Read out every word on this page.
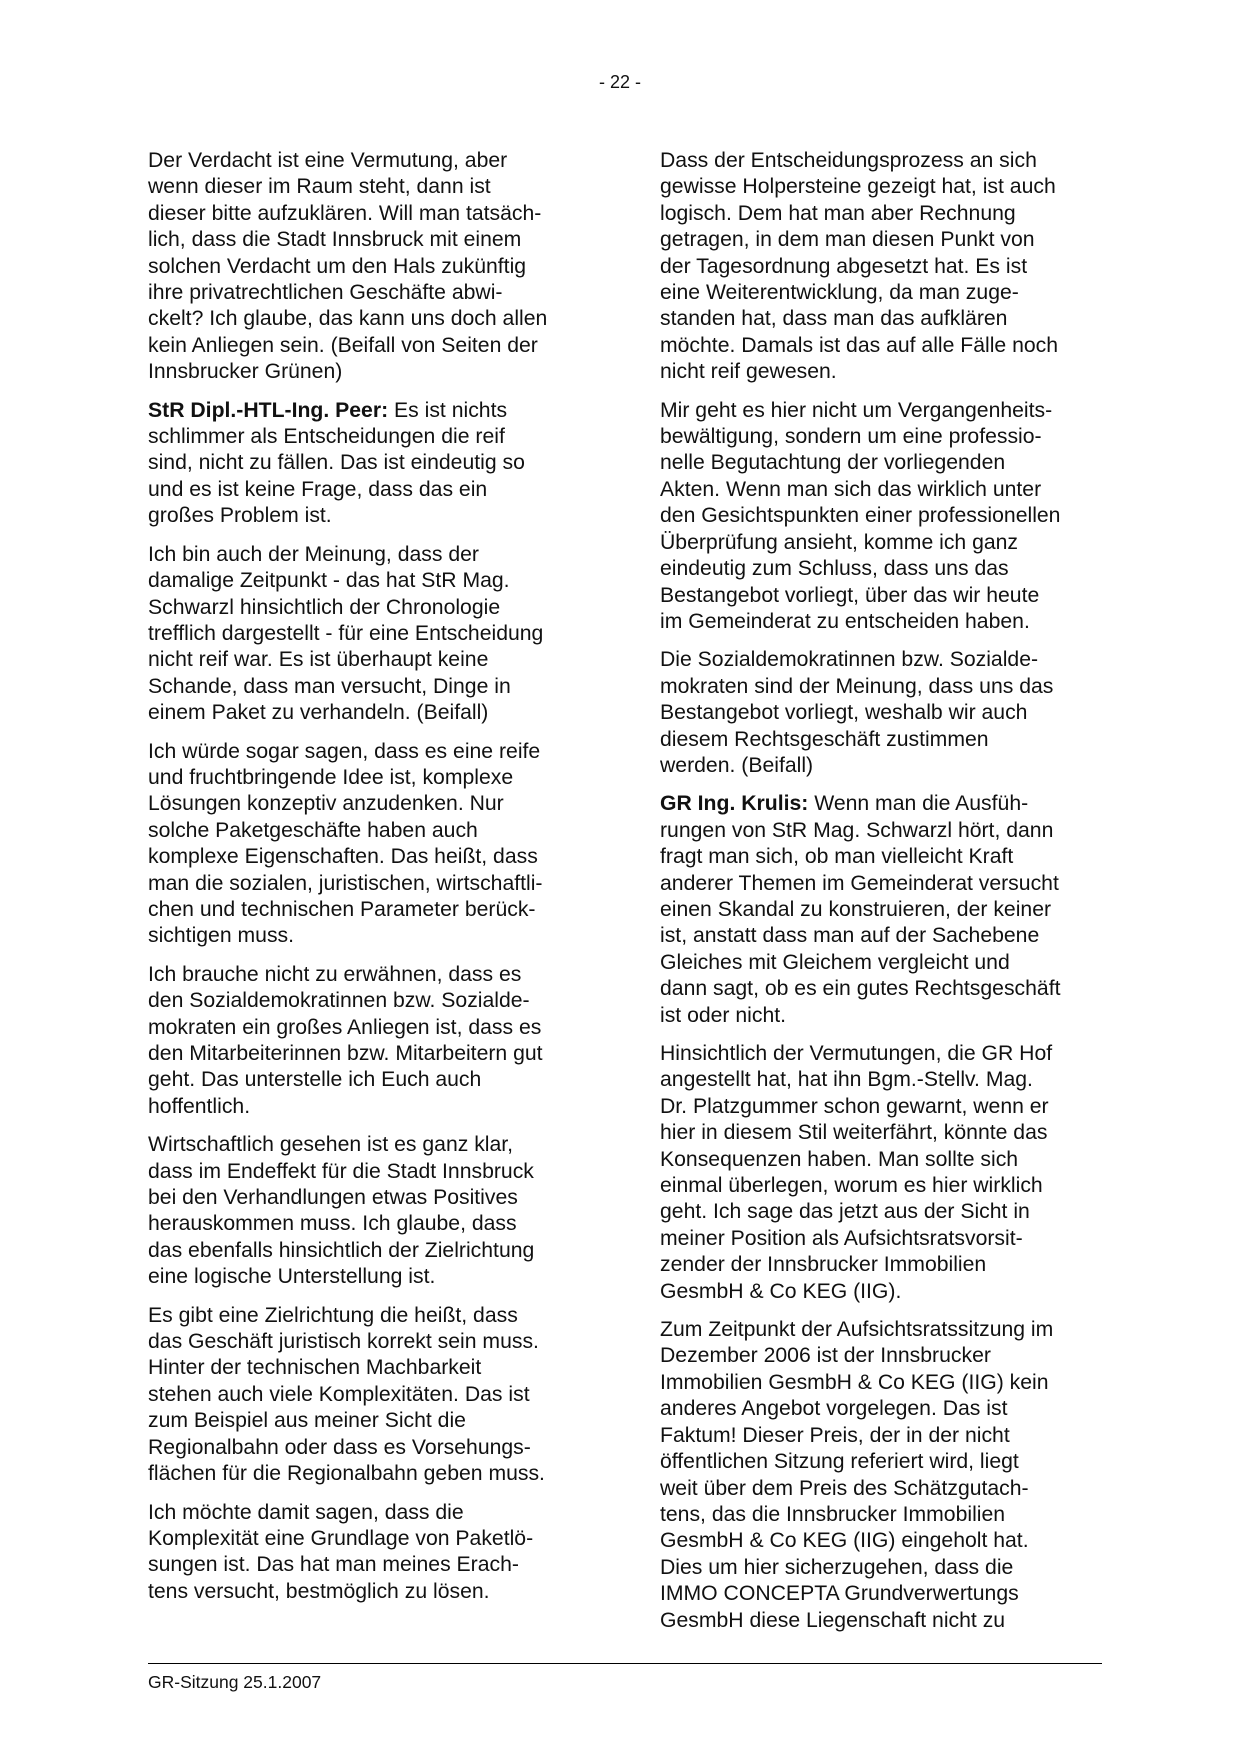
- 22 -

Der Verdacht ist eine Vermutung, aber
wenn dieser im Raum steht, dann ist
dieser bitte aufzuklären. Will man tatsäch-
lich, dass die Stadt Innsbruck mit einem
solchen Verdacht um den Hals zukünftig
ihre privatrechtlichen Geschäfte abwi-
ckelt? Ich glaube, das kann uns doch allen
kein Anliegen sein. (Beifall von Seiten der
Innsbrucker Grünen)

StR Dipl.-HTL-Ing. Peer: Es ist nichts
schlimmer als Entscheidungen die reif
sind, nicht zu fällen. Das ist eindeutig so
und es ist keine Frage, dass das ein
großes Problem ist.

Ich bin auch der Meinung, dass der
damalige Zeitpunkt - das hat StR Mag.
Schwarzl hinsichtlich der Chronologie
trefflich dargestellt - für eine Entscheidung
nicht reif war. Es ist überhaupt keine
Schande, dass man versucht, Dinge in
einem Paket zu verhandeln. (Beifall)

Ich würde sogar sagen, dass es eine reife
und fruchtbringende Idee ist, komplexe
Lösungen konzeptiv anzudenken. Nur
solche Paketgeschäfte haben auch
komplexe Eigenschaften. Das heißt, dass
man die sozialen, juristischen, wirtschaftli-
chen und technischen Parameter berück-
sichtigen muss.

Ich brauche nicht zu erwähnen, dass es
den Sozialdemokratinnen bzw. Sozialde-
mokraten ein großes Anliegen ist, dass es
den Mitarbeiterinnen bzw. Mitarbeitern gut
geht. Das unterstelle ich Euch auch
hoffentlich.

Wirtschaftlich gesehen ist es ganz klar,
dass im Endeffekt für die Stadt Innsbruck
bei den Verhandlungen etwas Positives
herauskommen muss. Ich glaube, dass
das ebenfalls hinsichtlich der Zielrichtung
eine logische Unterstellung ist.

Es gibt eine Zielrichtung die heißt, dass
das Geschäft juristisch korrekt sein muss.
Hinter der technischen Machbarkeit
stehen auch viele Komplexitäten. Das ist
zum Beispiel aus meiner Sicht die
Regionalbahn oder dass es Vorsehungs-
flächen für die Regionalbahn geben muss.

Ich möchte damit sagen, dass die
Komplexität eine Grundlage von Paketlö-
sungen ist. Das hat man meines Erach-
tens versucht, bestmöglich zu lösen.

Dass der Entscheidungsprozess an sich
gewisse Holpersteine gezeigt hat, ist auch
logisch. Dem hat man aber Rechnung
getragen, in dem man diesen Punkt von
der Tagesordnung abgesetzt hat. Es ist
eine Weiterentwicklung, da man zuge-
standen hat, dass man das aufklären
möchte. Damals ist das auf alle Fälle noch
nicht reif gewesen.

Mir geht es hier nicht um Vergangenheits-
bewältigung, sondern um eine professio-
nelle Begutachtung der vorliegenden
Akten. Wenn man sich das wirklich unter
den Gesichtspunkten einer professionellen
Überprüfung ansieht, komme ich ganz
eindeutig zum Schluss, dass uns das
Bestangebot vorliegt, über das wir heute
im Gemeinderat zu entscheiden haben.

Die Sozialdemokratinnen bzw. Sozialde-
mokraten sind der Meinung, dass uns das
Bestangebot vorliegt, weshalb wir auch
diesem Rechtsgeschäft zustimmen
werden. (Beifall)

GR Ing. Krulis: Wenn man die Ausfüh-
rungen von StR Mag. Schwarzl hört, dann
fragt man sich, ob man vielleicht Kraft
anderer Themen im Gemeinderat versucht
einen Skandal zu konstruieren, der keiner
ist, anstatt dass man auf der Sachebene
Gleiches mit Gleichem vergleicht und
dann sagt, ob es ein gutes Rechtsgeschäft
ist oder nicht.

Hinsichtlich der Vermutungen, die GR Hof
angestellt hat, hat ihn Bgm.-Stellv. Mag.
Dr. Platzgummer schon gewarnt, wenn er
hier in diesem Stil weiterfährt, könnte das
Konsequenzen haben. Man sollte sich
einmal überlegen, worum es hier wirklich
geht. Ich sage das jetzt aus der Sicht in
meiner Position als Aufsichtsratsvorsit-
zender der Innsbrucker Immobilien
GesmbH & Co KEG (IIG).

Zum Zeitpunkt der Aufsichtsratssitzung im
Dezember 2006 ist der Innsbrucker
Immobilien GesmbH & Co KEG (IIG) kein
anderes Angebot vorgelegen. Das ist
Faktum! Dieser Preis, der in der nicht
öffentlichen Sitzung referiert wird, liegt
weit über dem Preis des Schätzgutach-
tens, das die Innsbrucker Immobilien
GesmbH & Co KEG (IIG) eingeholt hat.
Dies um hier sicherzugehen, dass die
IMMO CONCEPTA Grundverwertungs
GesmbH diese Liegenschaft nicht zu

GR-Sitzung 25.1.2007
